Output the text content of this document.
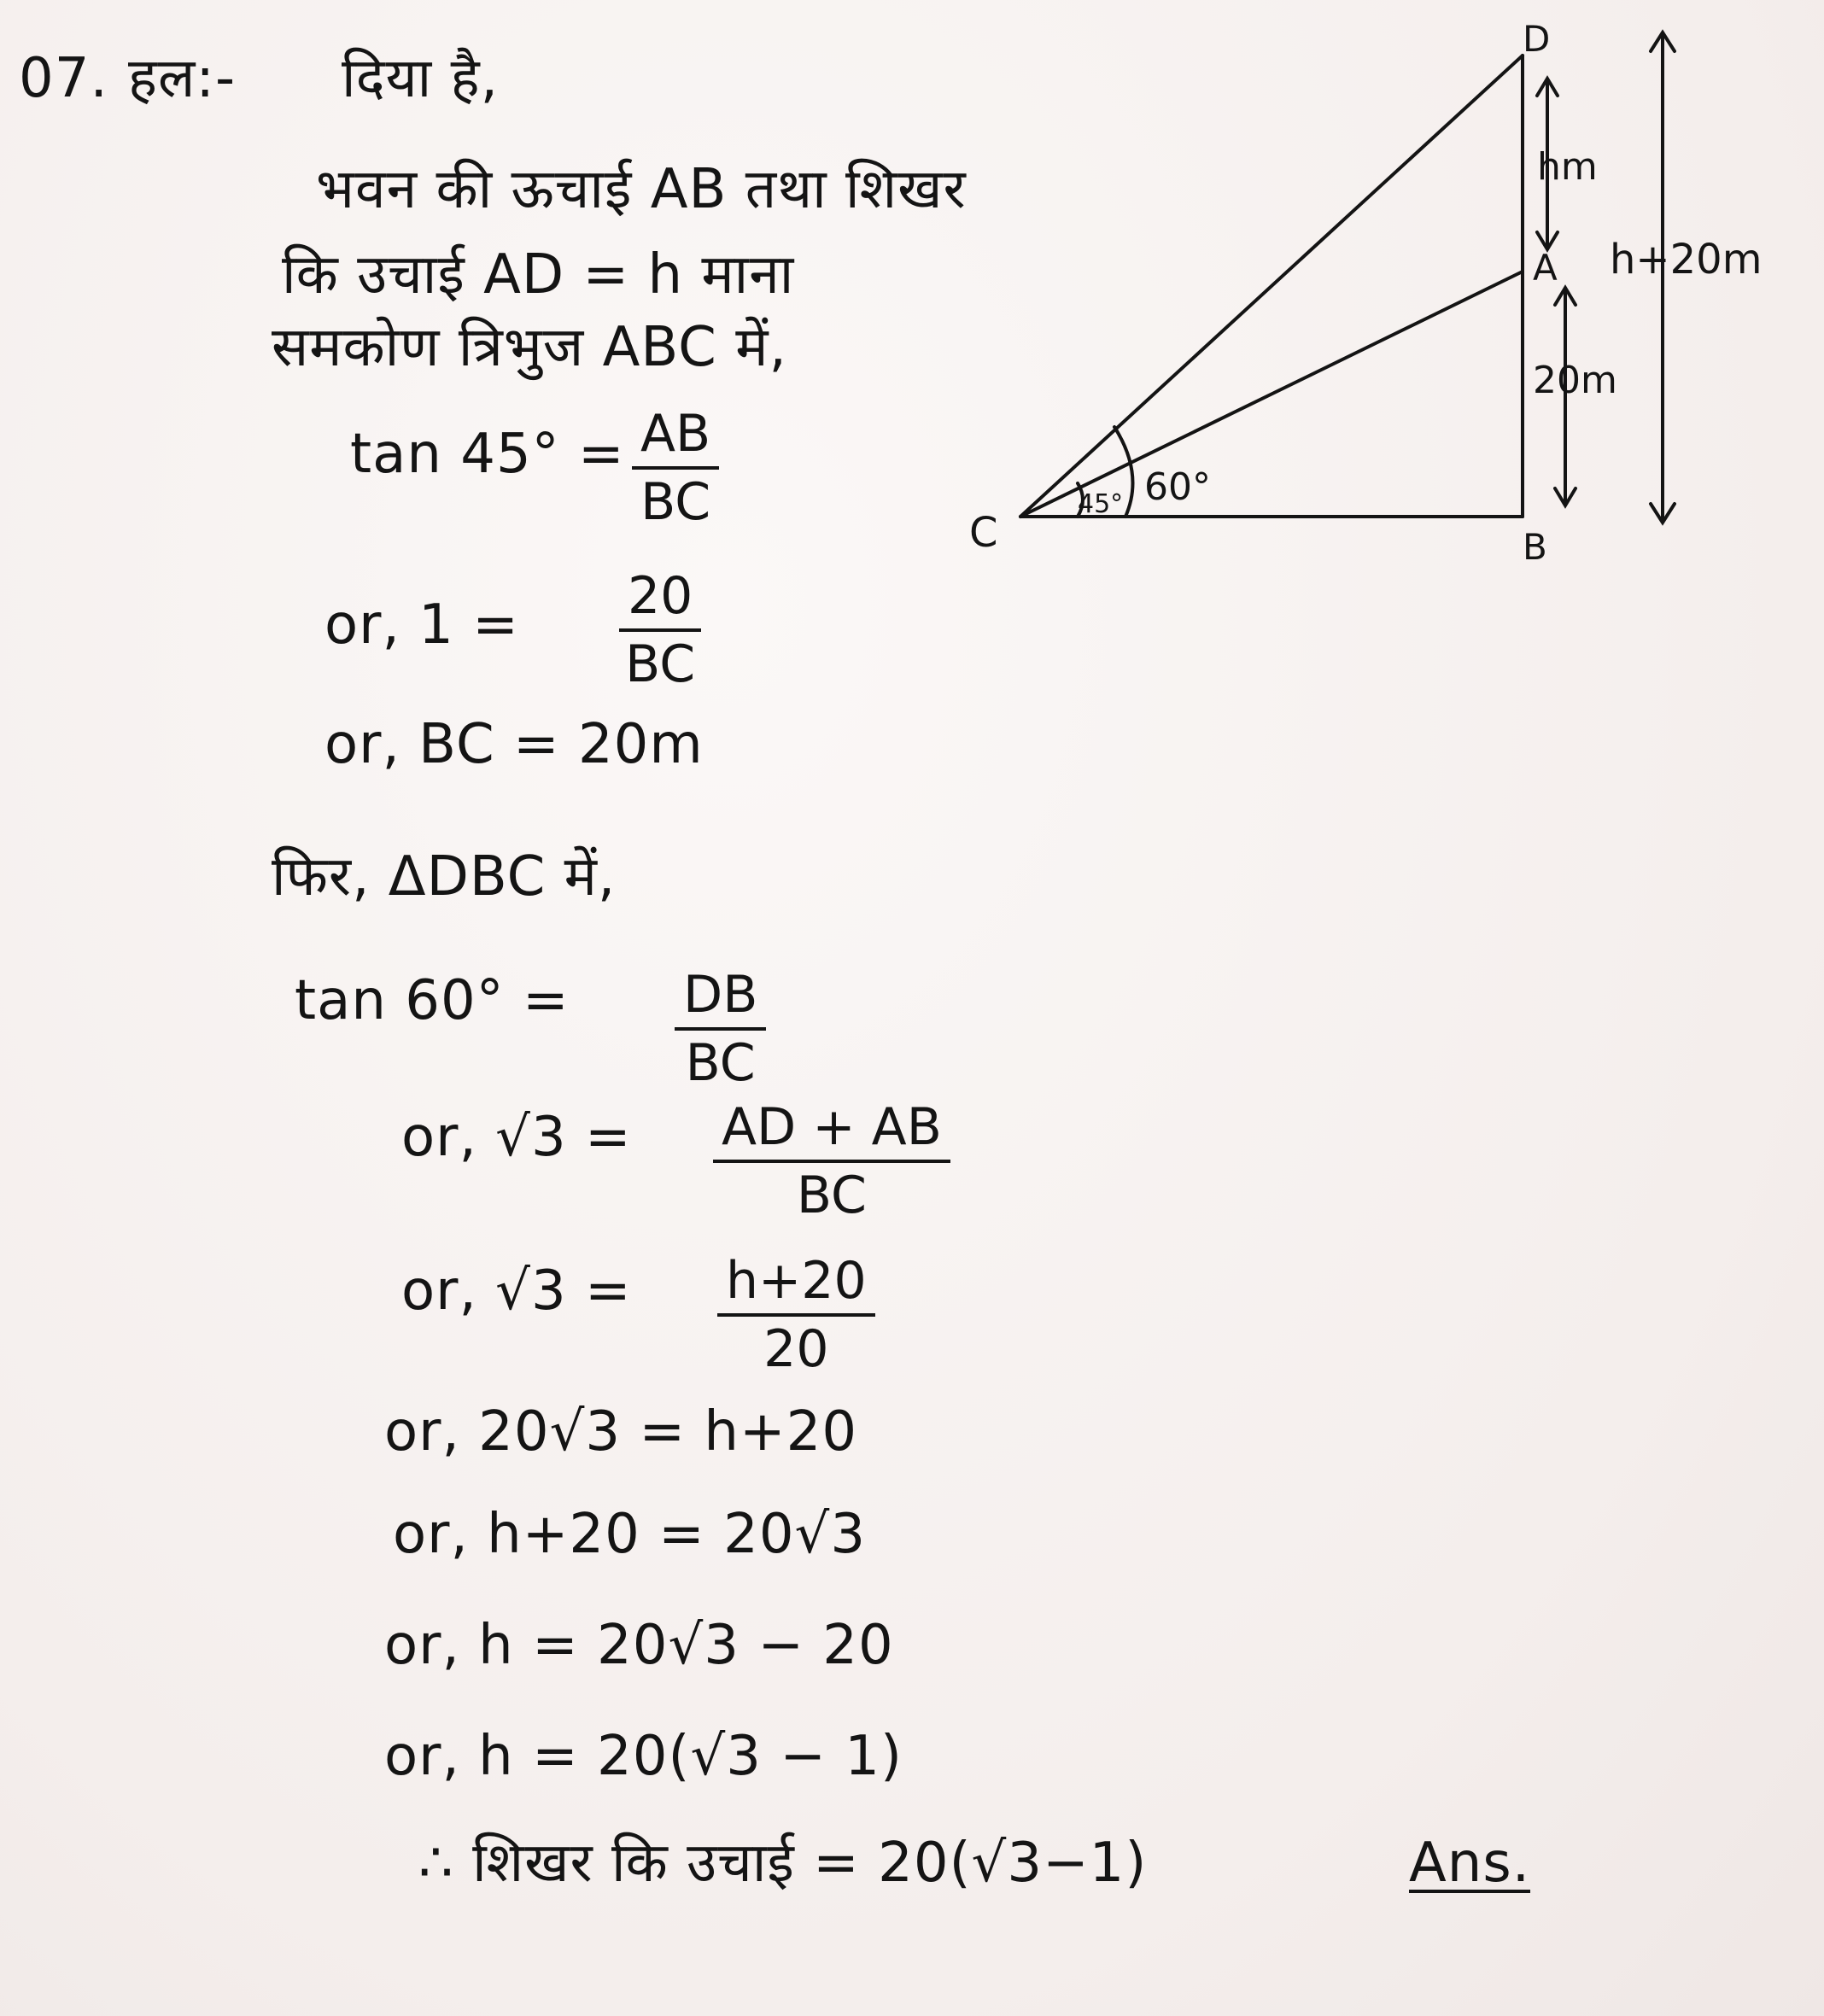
07. हल:- दिया है,
भवन की ऊचाई AB तथा शिखर
कि उचाई AD = h माना
समकोण त्रिभुज ABC में,
$\tan 45^\circ = \frac{AB}{BC}$
or, $1 = \frac{20}{BC}$
or, BC = 20m
फिर, ΔDBC में,
$\tan 60^\circ = \frac{DB}{BC}$
or, $√3 = \frac{AD + AB}{BC}$
or, $√3 = \frac{h+20}{20}$
or, 20√3 = h+20
or, h+20 = 20√3
or, h = 20√3 − 20
or, h = 20(√3 − 1)
∴ शिखर कि उचाई = 20(√3−1)	Ans.
D
A
B
C
45° 60°
hm
20m
h+20m
